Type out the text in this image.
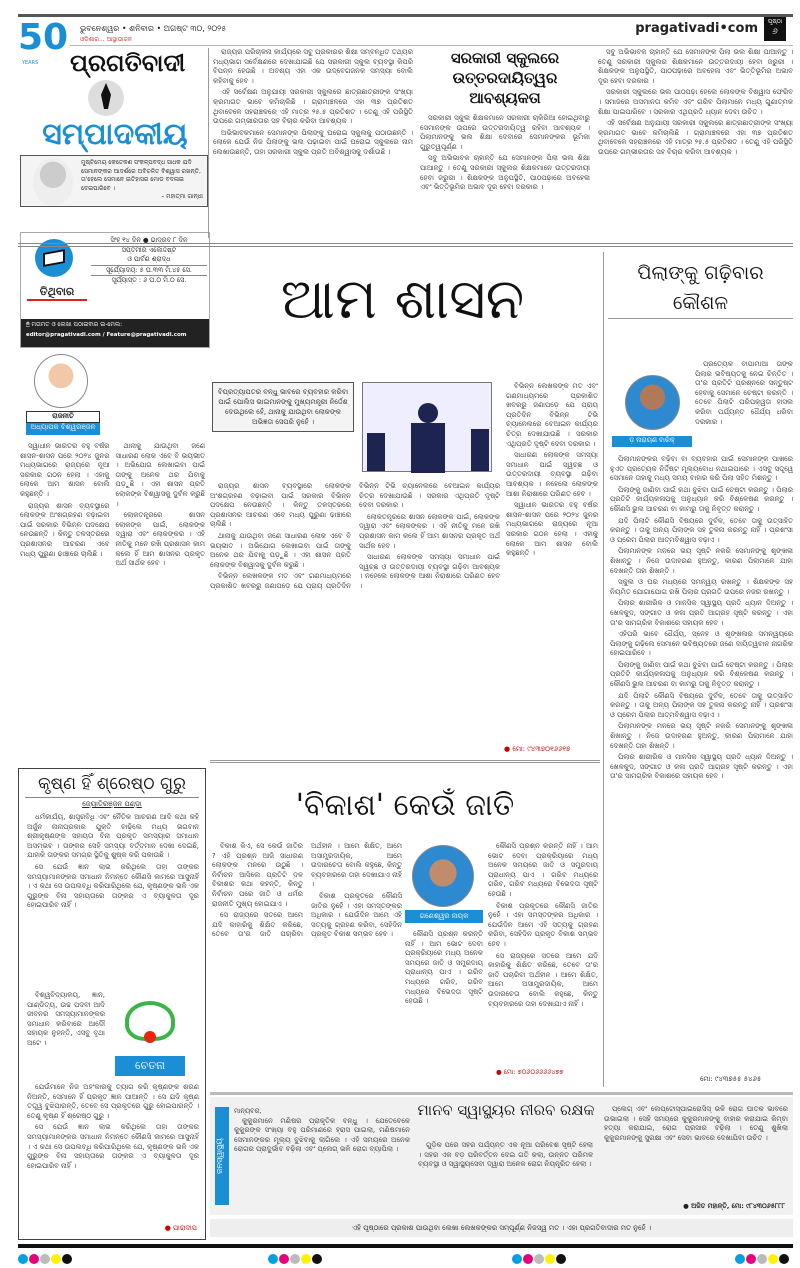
50
YEARS
ଭୁବନେଶ୍ୱର • ଶନିବାର • ଅଗଷ୍ଟ ୩୦, ୨୦୨୫
ଓଡ଼ିଶାର... ଆସ୍ଥାଭାଜନ
pragativadi•com	ପୃଷ୍ଠା
୬
ପ୍ରଗତିବାଦୀ
ସମ୍ପାଦକୀୟ
ମୁଷ୍ଟିମେୟ କେତେକଣ ସଂକଳ୍ପବଦ୍ଧ ସାଧକ ଯଦି ସେମାନଙ୍କର ଆଦର୍ଶରେ ଅବିଚଳିତ ବିଶ୍ୱାସ ରଖନ୍ତି, ତା'ହେଲେ ସେମାନେ ଇତିହାସର ମୋଡ ବଦଳାଇ ଦେଇପାରିବେ ।
– ମହାତ୍ମା ଗାନ୍ଧୀ
ତିଥିବାର
ସିଂହ ୧୪ ଦିନ ● ଭାଦ୍ରବ ୮ ଦିନ
ସପ୍ତମୀର ଏକୋଦ୍ଦିଷ୍ଟ
ଓ ପାର୍ବଣ ଶ୍ରାଦ୍ଧ
ସୂର୍ଯ୍ୟୋଦୟ: ୫ ଘ.୩୩ ମି.୪୫ ସେ.
ସୂର୍ଯ୍ୟାସ୍ତ : ୬ ଘ.୦ ମି.୦ ସେ.
🖱 ମତାମତ ଓ ଲେଖା ପଠାଇବାର ଇ-ମେଲ:
editor@pragativadi.com / Feature@pragativadi.com
ରାଜନୀତି
ଅଧ୍ୟାପକ ବିଶ୍ୱରଞ୍ଜନ

ରାଜ୍ୟର ପରିଚାଳନା କାର୍ଯ୍ୟରେ ସବୁ ପ୍ରକାରର ଶିକ୍ଷା ସମ୍ବନ୍ଧିତ ତଥ୍ୟର ମଧ୍ୟଭାଗ ସର୍ବେକ୍ଷଣରେ ଦେଖାଯାଇଛି ଯେ ସରକାରୀ ସ୍କୁଲ ବ୍ୟବସ୍ଥା କିପରି ବିପନ୍ନ ହେଉଛି । ଅବଶ୍ୟ ଏହା ଏକ ଉଦ୍ବେଗଜନକ ସମସ୍ୟା ବୋଲି କହିବାକୁ ହେବ ।

ଏହି ସର୍ବେକ୍ଷଣ ଅନୁଯାୟୀ ସରକାରୀ ସ୍କୁଲରେ ଛାତ୍ରଛାତ୍ରୀଙ୍କ ସଂଖ୍ୟା କ୍ରମାଗତ ଭାବେ କମିଚାଲିଛି । ଗ୍ରାମାଞ୍ଚଳରେ ଏହା ୩୭ ପ୍ରତିଶତ ଥିବାବେଳେ ସହରାଞ୍ଚଳରେ ଏହି ମାତ୍ର ୨୫.୫ ପ୍ରତିଶତ । ତେଣୁ ଏହି ପରିସ୍ଥିତି ଉପରେ ଗମ୍ଭୀରତାର ସହ ବିଚାର କରିବା ଆବଶ୍ୟକ ।

ଅଭିଭାବକମାନେ ସେମାନଙ୍କ ପିଲାଙ୍କୁ ଘରୋଇ ସ୍କୁଲକୁ ପଠାଉଛନ୍ତି । ଲୋକେ ଯେଉଁ ନିଜ ପିଲାଙ୍କୁ ଭଲ ପଢ଼ାଇବା ପାଇଁ ଘରୋଇ ସ୍କୁଲରେ ନାମ ଲେଖାଉଛନ୍ତି, ତାହା ସରକାରୀ ସ୍କୁଲ ପ୍ରତି ଅବିଶ୍ୱାସକୁ ଦର୍ଶାଉଛି ।

ସରକାରୀ ସ୍କୁଲରେ
ଉତ୍ତରଦାୟିତ୍ୱର ଆବଶ୍ୟକତା

ସରକାରୀ ସ୍କୁଲ ଶିକ୍ଷକମାନେ ସରକାରୀ ଚାକିରିଆ ହୋଇଥିବାରୁ ସେମାନଙ୍କ ଉପରେ ଉତ୍ତରଦାୟିତ୍ୱ ରହିବା ଆବଶ୍ୟକ । ପିଲାମାନଙ୍କୁ ଭଲ ଶିକ୍ଷା ଦେବାରେ ସେମାନଙ୍କର ଭୂମିକା ଗୁରୁତ୍ୱପୂର୍ଣ୍ଣ ।

ସବୁ ଅଭିଭାବକ ଚାହାନ୍ତି ଯେ ସେମାନଙ୍କ ପିଲା ଭଲ ଶିକ୍ଷା ପାଆନ୍ତୁ । ତେଣୁ ସରକାରୀ ସ୍କୁଲର ଶିକ୍ଷକମାନେ ଉତ୍ତରଦାୟୀ ହେବା ଜରୁରୀ । ଶିକ୍ଷକଙ୍କ ଅନୁପସ୍ଥିତି, ପାଠପଢ଼ାରେ ଅବହେଳା ଏବଂ ଭିତ୍ତିଭୂମିର ଅଭାବ ଦୂର ହେବା ଦରକାର ।

ସବୁ ଅଭିଭାବକ ଚାହାନ୍ତି ଯେ ସେମାନଙ୍କ ପିଲା ଭଲ ଶିକ୍ଷା ପାଆନ୍ତୁ । ତେଣୁ ସରକାରୀ ସ୍କୁଲର ଶିକ୍ଷକମାନେ ଉତ୍ତରଦାୟୀ ହେବା ଜରୁରୀ । ଶିକ୍ଷକଙ୍କ ଅନୁପସ୍ଥିତି, ପାଠପଢ଼ାରେ ଅବହେଳା ଏବଂ ଭିତ୍ତିଭୂମିର ଅଭାବ ଦୂର ହେବା ଦରକାର ।

ସରକାରୀ ସ୍କୁଲରେ ଭଲ ପାଠପଢ଼ା ହେଲେ ଲୋକଙ୍କ ବିଶ୍ୱାସ ଫେରିବ । ସମାଜରେ ଅସମାନତା କମିବ ଏବଂ ଗରିବ ପିଲାମାନେ ମଧ୍ୟ ଗୁଣାତ୍ମକ ଶିକ୍ଷା ପାଇପାରିବେ । ସରକାର ଏଥିପ୍ରତି ଧ୍ୟାନ ଦେବା ଉଚିତ ।

ଏହି ସର୍ବେକ୍ଷଣ ଅନୁଯାୟୀ ସରକାରୀ ସ୍କୁଲରେ ଛାତ୍ରଛାତ୍ରୀଙ୍କ ସଂଖ୍ୟା କ୍ରମାଗତ ଭାବେ କମିଚାଲିଛି । ଗ୍ରାମାଞ୍ଚଳରେ ଏହା ୩୭ ପ୍ରତିଶତ ଥିବାବେଳେ ସହରାଞ୍ଚଳରେ ଏହି ମାତ୍ର ୨୫.୫ ପ୍ରତିଶତ । ତେଣୁ ଏହି ପରିସ୍ଥିତି ଉପରେ ଗମ୍ଭୀରତାର ସହ ବିଚାର କରିବା ଆବଶ୍ୟକ ।

ଆମ ଶାସନ

ସ୍ୱାଧୀନ ଭାରତର ବହୁ ବର୍ଷର ଶାସନ-ଶାସନ ପରେ ୨୦୨୪ ଜୁନର ମଧ୍ୟଭାଗରେ ରାଜ୍ୟରେ ନୂଆ ସରକାର ଗଠନ ହେଲା । ଏହାକୁ ଲୋକେ ଆମ ଶାସନ ବୋଲି କହୁଛନ୍ତି ।

ରାଜ୍ୟର ଶାସନ ବ୍ୟବସ୍ଥାରେ ଲୋକଙ୍କ ଅଂଶଗ୍ରହଣ ବଢ଼ାଇବା ପାଇଁ ସରକାର ବିଭିନ୍ନ ପଦକ୍ଷେପ ନେଉଛନ୍ତି । କିନ୍ତୁ ତଳସ୍ତରରେ ପ୍ରଶାସନର ଆଚରଣ ଏବେ ମଧ୍ୟ ପୁରୁଣା ଢାଞ୍ଚାରେ ଚାଲିଛି ।

ଥାନାକୁ ଯାଉଥିବା ଜଣେ ସାଧାରଣ ଲୋକ ଏବେ ବି ଭୟଭୀତ । ଅଭିଯୋଗ ଲେଖାଇବା ପାଇଁ ତାଙ୍କୁ ଅନେକ ଥର ଯିବାକୁ ପଡ଼ୁଛି । ଏହା ଶାସନ ପ୍ରତି ଲୋକଙ୍କ ବିଶ୍ୱାସକୁ ଦୁର୍ବଳ କରୁଛି ।

ଲୋକତନ୍ତ୍ରରେ ଶାସନ ଲୋକଙ୍କ ପାଇଁ, ଲୋକଙ୍କ ଦ୍ୱାରା ଏବଂ ଲୋକଙ୍କର । ଏହି ନୀତିକୁ ମନେ ରଖି ପ୍ରଶାସନ କାମ କଲେ ହିଁ ଆମ ଶାସନର ପ୍ରକୃତ ଅର୍ଥ ସାର୍ଥକ ହେବ ।

ବିପ୍ରତ୍ୟାପତର ବନ୍ଧୁ ଭାବରେ ବ୍ୟବହାର କରିବା ପାଇଁ ପୋଲିସ ଭାଇମାନଙ୍କୁ ମୁଖ୍ୟମନ୍ତ୍ରୀ ନିର୍ଦ୍ଦେଶ ଦେଉଥିଲେ ହେଁ, ଥାନାକୁ ଯାଉଥିବା ଲୋକଙ୍କ ଅଭିଜ୍ଞତା ସେପରି ନୁହେଁ ।

ରାଜ୍ୟର ଶାସନ ବ୍ୟବସ୍ଥାରେ ଲୋକଙ୍କ ଅଂଶଗ୍ରହଣ ବଢ଼ାଇବା ପାଇଁ ସରକାର ବିଭିନ୍ନ ପଦକ୍ଷେପ ନେଉଛନ୍ତି । କିନ୍ତୁ ତଳସ୍ତରରେ ପ୍ରଶାସନର ଆଚରଣ ଏବେ ମଧ୍ୟ ପୁରୁଣା ଢାଞ୍ଚାରେ ଚାଲିଛି ।

ଥାନାକୁ ଯାଉଥିବା ଜଣେ ସାଧାରଣ ଲୋକ ଏବେ ବି ଭୟଭୀତ । ଅଭିଯୋଗ ଲେଖାଇବା ପାଇଁ ତାଙ୍କୁ ଅନେକ ଥର ଯିବାକୁ ପଡ଼ୁଛି । ଏହା ଶାସନ ପ୍ରତି ଲୋକଙ୍କ ବିଶ୍ୱାସକୁ ଦୁର୍ବଳ କରୁଛି ।

ବିଭିନ୍ନ ଲେଖକଙ୍କ ମତ ଏବଂ ଗଣମାଧ୍ୟମରେ ପ୍ରକାଶିତ ଖବରରୁ ଜଣାପଡ଼େ ଯେ ପ୍ରାୟ ପ୍ରତିଦିନ ବିଭିନ୍ନ ଟିଭି ଚ୍ୟାନେଲରେ ବେଆଇନ କାର୍ଯ୍ୟର ଚିତ୍ର ଦେଖାଯାଉଛି । ସରକାର ଏଥିପ୍ରତି ଦୃଷ୍ଟି ଦେବା ଦରକାର ।

ଲୋକତନ୍ତ୍ରରେ ଶାସନ ଲୋକଙ୍କ ପାଇଁ, ଲୋକଙ୍କ ଦ୍ୱାରା ଏବଂ ଲୋକଙ୍କର । ଏହି ନୀତିକୁ ମନେ ରଖି ପ୍ରଶାସନ କାମ କଲେ ହିଁ ଆମ ଶାସନର ପ୍ରକୃତ ଅର୍ଥ ସାର୍ଥକ ହେବ ।

ସାଧାରଣ ଲୋକଙ୍କ ସମସ୍ୟା ସମାଧାନ ପାଇଁ ସ୍ୱଚ୍ଛ ଓ ଉତ୍ତରଦାୟୀ ବ୍ୟବସ୍ଥା ଗଢ଼ିବା ଆବଶ୍ୟକ । ନହେଲେ ଲୋକଙ୍କ ଆଶା ନିରାଶାରେ ପରିଣତ ହେବ ।

ବିଭିନ୍ନ ଲେଖକଙ୍କ ମତ ଏବଂ ଗଣମାଧ୍ୟମରେ ପ୍ରକାଶିତ ଖବରରୁ ଜଣାପଡ଼େ ଯେ ପ୍ରାୟ ପ୍ରତିଦିନ ବିଭିନ୍ନ ଟିଭି ଚ୍ୟାନେଲରେ ବେଆଇନ କାର୍ଯ୍ୟର ଚିତ୍ର ଦେଖାଯାଉଛି । ସରକାର ଏଥିପ୍ରତି ଦୃଷ୍ଟି ଦେବା ଦରକାର ।

ସାଧାରଣ ଲୋକଙ୍କ ସମସ୍ୟା ସମାଧାନ ପାଇଁ ସ୍ୱଚ୍ଛ ଓ ଉତ୍ତରଦାୟୀ ବ୍ୟବସ୍ଥା ଗଢ଼ିବା ଆବଶ୍ୟକ । ନହେଲେ ଲୋକଙ୍କ ଆଶା ନିରାଶାରେ ପରିଣତ ହେବ ।

ସ୍ୱାଧୀନ ଭାରତର ବହୁ ବର୍ଷର ଶାସନ-ଶାସନ ପରେ ୨୦୨୪ ଜୁନର ମଧ୍ୟଭାଗରେ ରାଜ୍ୟରେ ନୂଆ ସରକାର ଗଠନ ହେଲା । ଏହାକୁ ଲୋକେ ଆମ ଶାସନ ବୋଲି କହୁଛନ୍ତି ।

● ମୋ: ୯୪୩୭୦୧୬୬୧୭
ପିଲାଙ୍କୁ ଗଢ଼ିବାର କୌଶଳ
ଡ଼ ନାରାୟଣ ବାରିକ୍

ପ୍ରତ୍ୟେକ ବାପାମାଆ ତାଙ୍କ ପିଲାର ଭବିଷ୍ୟତକୁ ନେଇ ଚିନ୍ତିତ । ତା'ର ପ୍ରତିଟି ପ୍ରଶ୍ନରେ ସନ୍ତୁଷ୍ଟ ହେବାକୁ ସେମାନେ ଚେଷ୍ଟା କରନ୍ତି । ତେବେ ପିଲାଟି ପରିପକ୍ୱତା ହାସଲ କରିବା ପର୍ଯ୍ୟନ୍ତ ଧୈର୍ଯ୍ୟ ଧରିବା ଦରକାର ।

ପିଲାମାନଙ୍କର ବଢ଼ିବା ବା ବ୍ୟବହାର ପାଇଁ ସେମାନଙ୍କ ପାଖରେ ହୁଏତ ପ୍ରତ୍ୟେକ ନିର୍ଦ୍ଦିଷ୍ଟ ମୂଲ୍ୟବୋଧ ନଥାଇପାରେ । ଏସବୁ ସତ୍ତ୍ୱେ ସେମାନେ ତାହାକୁ ମଧ୍ୟ ସମୟ ବାହାର କରି ପିଲା ସହିତ ମିଶନ୍ତୁ ।

ପିଲାଙ୍କୁ ଜାଣିବା ପାଇଁ କଥା ବୁଝିବା ପାଇଁ ଚେଷ୍ଟା କରନ୍ତୁ । ପିଲାର ପ୍ରତିଟି କାର୍ଯ୍ୟକଳାପକୁ ଅନୁଧ୍ୟାନ କରି ବିଶ୍ଳେଷଣ କରନ୍ତୁ । କୌଣସି ଭୁଲ ଆଚରଣ ବା କାମରୁ ତାକୁ ନିବୃତ୍ତ କରାନ୍ତୁ ।

ଯଦି ପିଲାଟି କୌଣସି ବିଷୟରେ ଦୁର୍ବଳ, ତେବେ ତାକୁ ଉତ୍ସାହିତ କରନ୍ତୁ । ତାକୁ ଅନ୍ୟ ପିଲାଙ୍କ ସହ ତୁଳନା କରନ୍ତୁ ନାହିଁ । ପ୍ରଶଂସା ଓ ପ୍ରେମ ପିଲାର ଆତ୍ମବିଶ୍ୱାସ ବଢ଼ାଏ ।

ପିଲାମାନଙ୍କ ମନରେ ଭୟ ସୃଷ୍ଟି ନକରି ସେମାନଙ୍କୁ ଶୃଙ୍ଖଳା ଶିଖାନ୍ତୁ । ନିଜେ ଉଦାହରଣ ହୁଅନ୍ତୁ, କାରଣ ପିଲାମାନେ ଯାହା ଦେଖନ୍ତି ତାହା ଶିଖନ୍ତି ।

ସ୍କୁଲ ଓ ଘର ମଧ୍ୟରେ ସମନ୍ୱୟ ରଖନ୍ତୁ । ଶିକ୍ଷକଙ୍କ ସହ ନିୟମିତ ଯୋଗାଯୋଗ ରଖି ପିଲାର ପ୍ରଗତି ଉପରେ ନଜର ରଖନ୍ତୁ ।

ପିଲାର ଶାରୀରିକ ଓ ମାନସିକ ସ୍ୱାସ୍ଥ୍ୟ ପ୍ରତି ଧ୍ୟାନ ଦିଅନ୍ତୁ । ଖେଳକୁଦ, ସଙ୍ଗୀତ ଓ କଳା ପ୍ରତି ଆଗ୍ରହ ସୃଷ୍ଟି କରନ୍ତୁ । ଏହା ତା'ର ସାମଗ୍ରିକ ବିକାଶରେ ସହାୟକ ହେବ ।

ଏହିପରି ଭାବେ ଧୈର୍ଯ୍ୟ, ସ୍ନେହ ଓ ଶୃଙ୍ଖଳାର ସମନ୍ୱୟରେ ପିଲାଙ୍କୁ ଗଢ଼ିଲେ ସେମାନେ ଭବିଷ୍ୟତରେ ଜଣେ ଦାୟିତ୍ୱବାନ ନାଗରିକ ହୋଇପାରିବେ ।

ପିଲାଙ୍କୁ ଜାଣିବା ପାଇଁ କଥା ବୁଝିବା ପାଇଁ ଚେଷ୍ଟା କରନ୍ତୁ । ପିଲାର ପ୍ରତିଟି କାର୍ଯ୍ୟକଳାପକୁ ଅନୁଧ୍ୟାନ କରି ବିଶ୍ଳେଷଣ କରନ୍ତୁ । କୌଣସି ଭୁଲ ଆଚରଣ ବା କାମରୁ ତାକୁ ନିବୃତ୍ତ କରାନ୍ତୁ ।

ଯଦି ପିଲାଟି କୌଣସି ବିଷୟରେ ଦୁର୍ବଳ, ତେବେ ତାକୁ ଉତ୍ସାହିତ କରନ୍ତୁ । ତାକୁ ଅନ୍ୟ ପିଲାଙ୍କ ସହ ତୁଳନା କରନ୍ତୁ ନାହିଁ । ପ୍ରଶଂସା ଓ ପ୍ରେମ ପିଲାର ଆତ୍ମବିଶ୍ୱାସ ବଢ଼ାଏ ।

ପିଲାମାନଙ୍କ ମନରେ ଭୟ ସୃଷ୍ଟି ନକରି ସେମାନଙ୍କୁ ଶୃଙ୍ଖଳା ଶିଖାନ୍ତୁ । ନିଜେ ଉଦାହରଣ ହୁଅନ୍ତୁ, କାରଣ ପିଲାମାନେ ଯାହା ଦେଖନ୍ତି ତାହା ଶିଖନ୍ତି ।

ପିଲାର ଶାରୀରିକ ଓ ମାନସିକ ସ୍ୱାସ୍ଥ୍ୟ ପ୍ରତି ଧ୍ୟାନ ଦିଅନ୍ତୁ । ଖେଳକୁଦ, ସଙ୍ଗୀତ ଓ କଳା ପ୍ରତି ଆଗ୍ରହ ସୃଷ୍ଟି କରନ୍ତୁ । ଏହା ତା'ର ସାମଗ୍ରିକ ବିକାଶରେ ସହାୟକ ହେବ ।

ମୋ: ୯୪୩୭୫୫ ୫୪୬୫
କୃଷ୍ଣ ହିଁ ଶ୍ରେଷ୍ଠ ଗୁରୁ
ଜ୍ୟୋତିରଞ୍ଜନ ପଣ୍ଡା

ଧର୍ମକାର୍ଯ୍ୟ, ଶାସ୍ତ୍ରବିଧି ଏବଂ ନୈତିକ ଆଚରଣ ଆଦି କଥା କହି ଅର୍ଜୁନ ନାନାପ୍ରକାର ଯୁକ୍ତି ବାଢ଼ିଲେ ମଧ୍ୟ ଭଗବାନ ଶ୍ରୀକୃଷ୍ଣଙ୍କ ସହାୟତା ବିନା ପ୍ରକୃତ ସମସ୍ୟାର ସମାଧାନ ଅସମ୍ଭବ । ତାଙ୍କର ସେହି ସମସ୍ୟା ବର୍ତ୍ତମାନ ଦେଖା ଦେଇଛି, ଯାହାକି ତାଙ୍କର ସମଗ୍ର ସ୍ଥିତିକୁ ଶୁଷ୍କ କରି ପକାଉଛି ।

ସେ ଯେଉଁ ଜ୍ଞାନ ଲାଭ କରିଥିଲେ ତାହା ତାଙ୍କର ସମସ୍ୟାମାନଙ୍କର ସମାଧାନ ନିମନ୍ତେ କୌଣସି କାମରେ ଆସୁନାହିଁ । ଏ କଥା ସେ ଉପଲବ୍ଧି କରିପାରିଥିଲେ ଯେ, କୃଷ୍ଣଙ୍କ ଭଳି ଏକ ଗୁରୁଙ୍କ ବିନା ସହାୟତାରେ ତାଙ୍କର ଏ ବ୍ୟାକୁଳତା ଦୂର ହୋଇପାରିବ ନାହିଁ ।

ବିଶ୍ୱବିଦ୍ୟାଳୟ, ଜ୍ଞାନ, ପାଣ୍ଡିତ୍ୟ, ଉଚ୍ଚ ପଦବୀ ଆଦି ଜୀବନର ସମସ୍ୟାମାନଙ୍କର ସମାଧାନ କରିବାରେ ଆଦୌ ସହାୟକ ନୁହନ୍ତି, ଏସବୁ ବୃଥା ଅଟେ ।

ଚେତନା

ଯେଉଁମାନେ ନିଜ ଅହଂକାରକୁ ତ୍ୟାଗ କରି କୃଷ୍ଣଙ୍କ ଶରଣ ନିଅନ୍ତି, ସେମାନେ ହିଁ ପ୍ରକୃତ ଜ୍ଞାନ ପାଆନ୍ତି । ସେ ଯଦି କୃଷ୍ଣ ତତ୍ତ୍ୱ ବୁଝିପାରନ୍ତି, ତେବେ ସେ ପ୍ରକୃତରେ ଗୁରୁ ହୋଇପାରନ୍ତି । ତେଣୁ କୃଷ୍ଣ ହିଁ ଶ୍ରେଷ୍ଠ ଗୁରୁ ।

ସେ ଯେଉଁ ଜ୍ଞାନ ଲାଭ କରିଥିଲେ ତାହା ତାଙ୍କର ସମସ୍ୟାମାନଙ୍କର ସମାଧାନ ନିମନ୍ତେ କୌଣସି କାମରେ ଆସୁନାହିଁ । ଏ କଥା ସେ ଉପଲବ୍ଧି କରିପାରିଥିଲେ ଯେ, କୃଷ୍ଣଙ୍କ ଭଳି ଏକ ଗୁରୁଙ୍କ ବିନା ସହାୟତାରେ ତାଙ୍କର ଏ ବ୍ୟାକୁଳତା ଦୂର ହୋଇପାରିବ ନାହିଁ ।

● ପାରାଦୀପ
'ବିକାଶ' କେଉଁ ଜାତି

ବିକାଶ କିଏ, ସେ କେଉଁ ଜାତିର ? ଏହି ପ୍ରଶ୍ନ ଆଜି ସାଧାରଣ ଲୋକଙ୍କ ମନରେ ଉଠୁଛି । ନିର୍ବାଚନ ଆସିଲେ ପ୍ରତିଟି ଦଳ ବିକାଶର କଥା କହନ୍ତି, କିନ୍ତୁ ନିର୍ବାଚନ ପରେ ଜାତି ଓ ଧର୍ମର ରାଜନୀତି ମୁଖ୍ୟ ହୋଇଯାଏ ।

ସେ ରାଜ୍ୟରେ ସତରେ ଆମେ ଯଦି କାହାରିକୁ ଶିକ୍ଷିତ କରିଛେ, ତେବେ ତା'ର ଜାତି ପଚାରିବା ଅର୍ଥହୀନ । ଆମେ ଶିକ୍ଷିତ, ଆମେ ଅସାମ୍ପ୍ରଦାୟିକ, ଆମେ ଉଦାରଚେତା ବୋଲି କହୁଛେ, କିନ୍ତୁ ବ୍ୟବହାରରେ ତାହା ଦେଖାଯାଏ ନାହିଁ ।

ବିକାଶ ପ୍ରକୃତରେ କୌଣସି ଜାତିର ନୁହେଁ । ଏହା ସମସ୍ତଙ୍କର ଅଧିକାର । ଯେଉଁଦିନ ଆମେ ଏହି ସତ୍ୟକୁ ଗ୍ରହଣ କରିବା, ସେହିଦିନ ପ୍ରକୃତ ବିକାଶ ସମ୍ଭବ ହେବ ।

ଗଣେଶ୍ୱର ନାୟକ

କୌଣସି ପ୍ରଶ୍ନ କରନ୍ତି ନାହିଁ । ଆମ ଭୋଟ ଦେବା ପ୍ରକ୍ରିୟାରେ ମଧ୍ୟ ଅନେକ ସମୟରେ ଜାତି ଓ ସମ୍ପ୍ରଦାୟ ପ୍ରାଧାନ୍ୟ ପାଏ । ଗରିବ ମଧ୍ୟରେ ଗରିବ, ଗରିବ ମଧ୍ୟରେ ବିଭେଦତା ସୃଷ୍ଟି ହେଉଛି ।

କୌଣସି ପ୍ରଶ୍ନ କରନ୍ତି ନାହିଁ । ଆମ ଭୋଟ ଦେବା ପ୍ରକ୍ରିୟାରେ ମଧ୍ୟ ଅନେକ ସମୟରେ ଜାତି ଓ ସମ୍ପ୍ରଦାୟ ପ୍ରାଧାନ୍ୟ ପାଏ । ଗରିବ ମଧ୍ୟରେ ଗରିବ, ଗରିବ ମଧ୍ୟରେ ବିଭେଦତା ସୃଷ୍ଟି ହେଉଛି ।

ବିକାଶ ପ୍ରକୃତରେ କୌଣସି ଜାତିର ନୁହେଁ । ଏହା ସମସ୍ତଙ୍କର ଅଧିକାର । ଯେଉଁଦିନ ଆମେ ଏହି ସତ୍ୟକୁ ଗ୍ରହଣ କରିବା, ସେହିଦିନ ପ୍ରକୃତ ବିକାଶ ସମ୍ଭବ ହେବ ।

ସେ ରାଜ୍ୟରେ ସତରେ ଆମେ ଯଦି କାହାରିକୁ ଶିକ୍ଷିତ କରିଛେ, ତେବେ ତା'ର ଜାତି ପଚାରିବା ଅର୍ଥହୀନ । ଆମେ ଶିକ୍ଷିତ, ଆମେ ଅସାମ୍ପ୍ରଦାୟିକ, ଆମେ ଉଦାରଚେତା ବୋଲି କହୁଛେ, କିନ୍ତୁ ବ୍ୟବହାରରେ ତାହା ଦେଖାଯାଏ ନାହିଁ ।

● ମୋ: ୭୦୬୦୬୬୬୬୪୭୭
ଜନସ୍ୱାସ୍ଥ୍ୟ
ମାନ୍ୟବର,

କୁକୁରମାନେ ମଣିଷର ପ୍ରାକୃତିକ ବନ୍ଧୁ । ଯେତେବେଳେ କୁକୁରଙ୍କ ସଂଖ୍ୟା ବହୁ ପରିମାଣରେ ହ୍ରାସ ପାଇଲା, ମଣିଷମାନେ ସେମାନଙ୍କର ମୂଲ୍ୟ ବୁଝିବାକୁ ଲାଗିଲେ । ଏହି ସମୟରେ ଅନେକ ରୋଗର ପ୍ରାଦୁର୍ଭାବ ବଢ଼ିଲା ଏବଂ ପ୍ଲେଗ୍ ଭଳି ରୋଗ ବ୍ୟାପିଲା ।

ମାନବ ସ୍ୱାସ୍ଥ୍ୟର ନୀରବ ରକ୍ଷକ

ଗୁଡ଼ିକ ପରେ ସହର ପର୍ଯ୍ୟନ୍ତ ଏକ ନୂଆ ପରିବେଶ ସୃଷ୍ଟି ହେଲା । ସହର ଏକ ବଡ଼ ପରିବର୍ତ୍ତନ ଦେଇ ଗତି କଲା, ଉନ୍ନତ ପରିମଳ ବ୍ୟବସ୍ଥା ଓ ସ୍ୱାସ୍ଥ୍ୟସେବା ଦ୍ୱାରା ଅନେକ ରୋଗ ନିୟନ୍ତ୍ରିତ ହେଲା ।

ପ୍ଲେଗ୍ ଏବଂ ଲେପ୍ଟୋସ୍ପାଇରୋସିସ୍ ଭଳି ରୋଗ ଘାତକ ଭାବରେ ଉଭାଇଲା । ସେହି ସମୟରେ କୁକୁରମାନଙ୍କୁ ବାହାର କରାଯାଇ କିମ୍ବା ହତ୍ୟା କରାଯାଇ, ରୋଗ ପ୍ରସାର ବଢ଼ିଲା । ତେଣୁ ଶୁଖିଲା କୁକୁରମାନଙ୍କୁ ସୁରକ୍ଷା ଏବଂ ସେବା ଭାବରେ ଦେଖାଯିବା ଉଚିତ ।

● ଅଜିତ ମହାନ୍ତି, ମୋ: ୯୮୪୩୦୬୫୮୮୮
ଏହି ପୃଷ୍ଠାରେ ପ୍ରକାଶ ପାଉଥିବା ଲେଖା ଲେଖକଙ୍କର ସମ୍ପୂର୍ଣ୍ଣ ନିଜସ୍ୱ ମତ । ଏହା ପ୍ରଗତିବାଦୀର ମତ ନୁହେଁ ।
